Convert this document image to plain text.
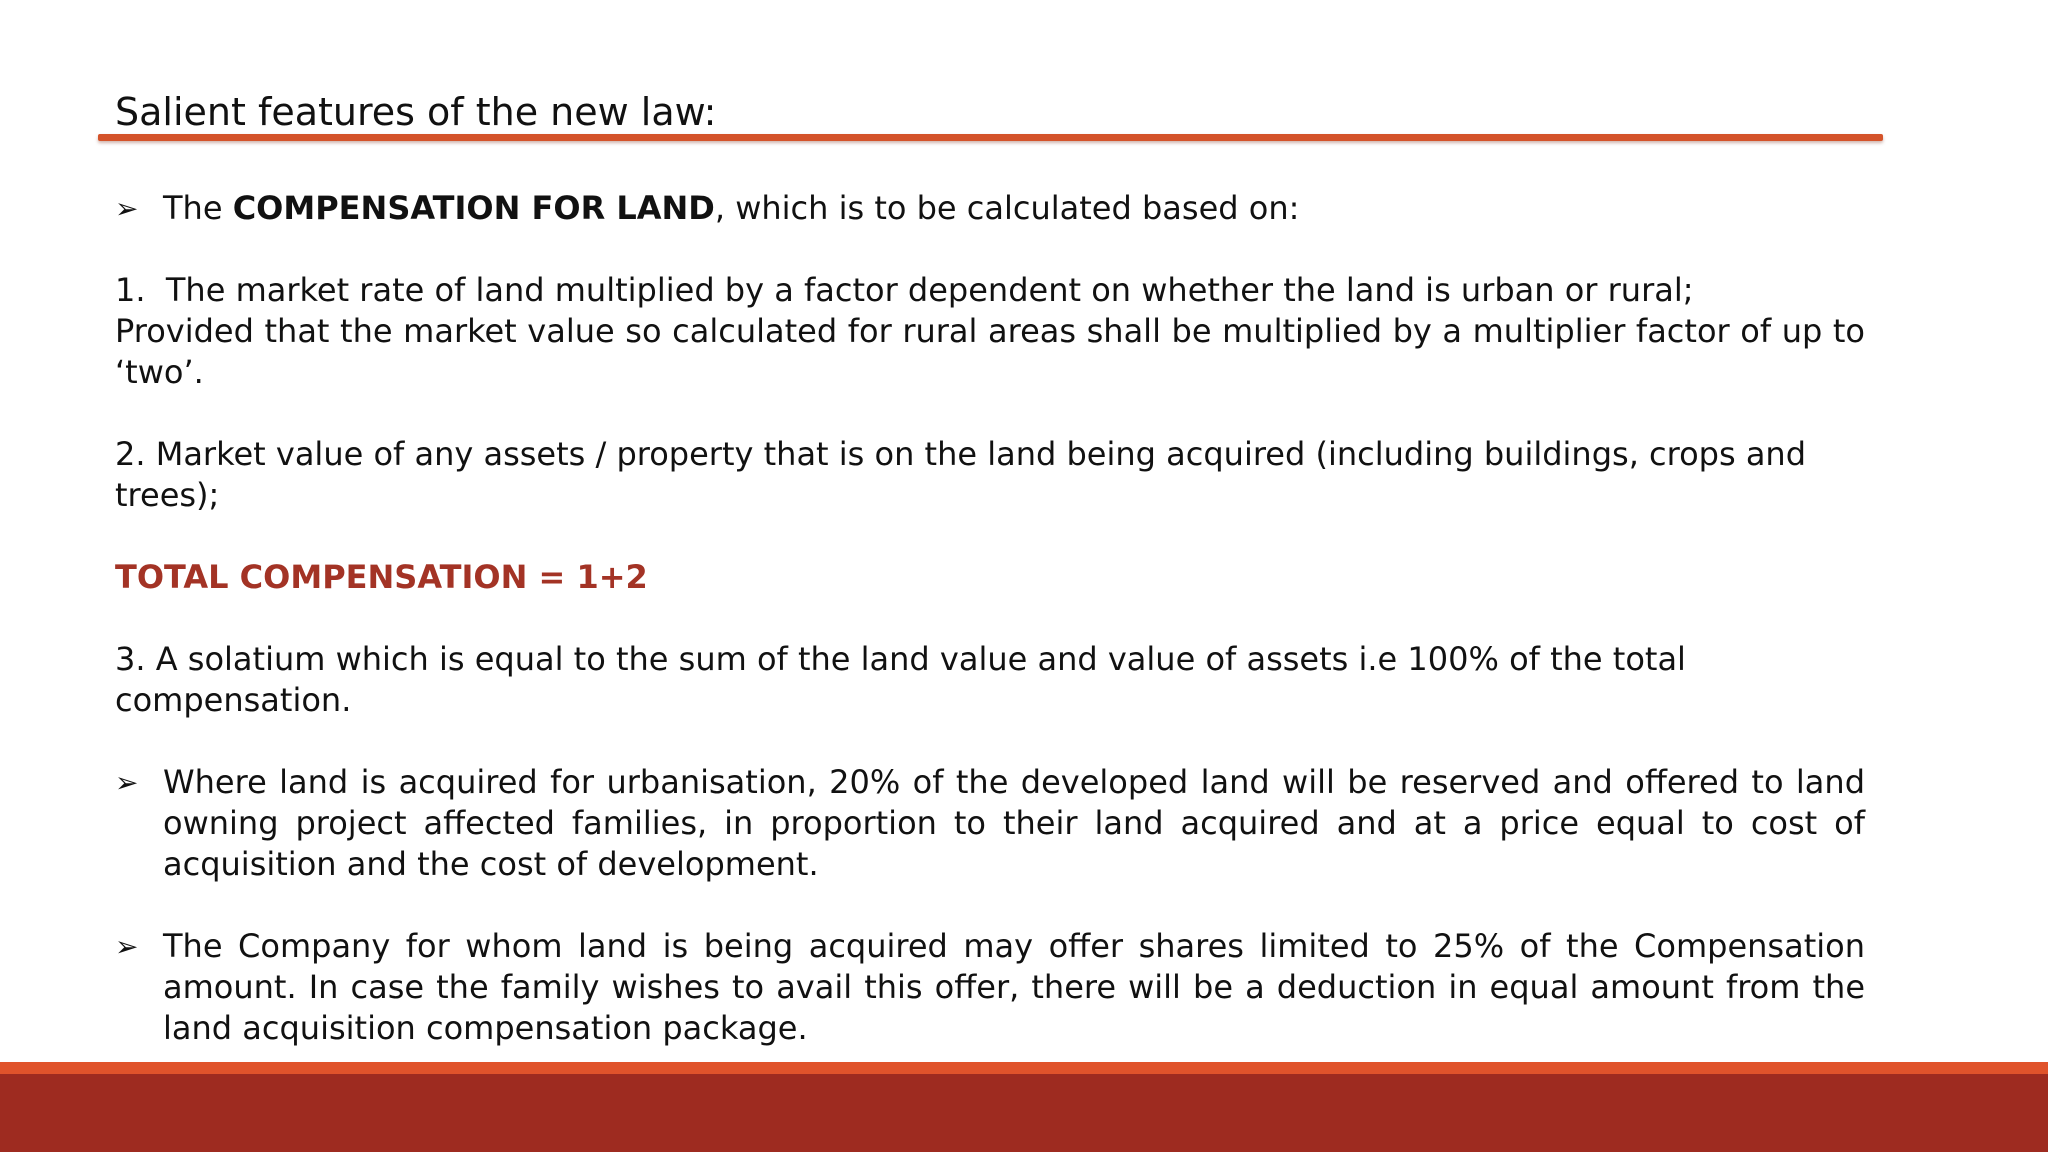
Salient features of the new law:
➢ The COMPENSATION FOR LAND, which is to be calculated based on:

1.  The market rate of land multiplied by a factor dependent on whether the land is urban or rural;

Provided that the market value so calculated for rural areas shall be multiplied by a multiplier factor of up to ‘two’.

2. Market value of any assets / property that is on the land being acquired (including buildings, crops and trees);

TOTAL COMPENSATION = 1+2

3. A solatium which is equal to the sum of the land value and value of assets i.e 100% of the total compensation.

➢ Where land is acquired for urbanisation, 20% of the developed land will be reserved and offered to land owning project affected families, in proportion to their land acquired and at a price equal to cost of acquisition and the cost of development.
➢ The Company for whom land is being acquired may offer shares limited to 25% of the Compensation amount. In case the family wishes to avail this offer, there will be a deduction in equal amount from the land acquisition compensation package.
